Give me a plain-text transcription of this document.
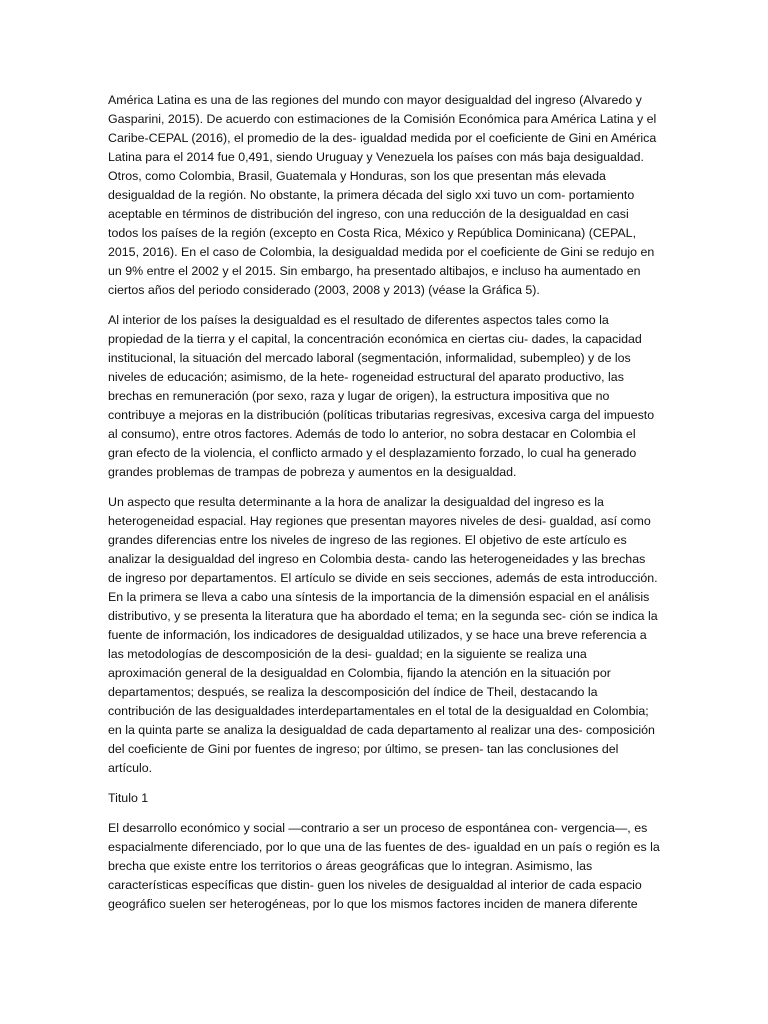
América Latina es una de las regiones del mundo con mayor desigualdad del ingreso (Alvaredo y Gasparini, 2015). De acuerdo con estimaciones de la Comisión Económica para América Latina y el Caribe-CEPAL (2016), el promedio de la des- igualdad medida por el coeficiente de Gini en América Latina para el 2014 fue 0,491, siendo Uruguay y Venezuela los países con más baja desigualdad. Otros, como Colombia, Brasil, Guatemala y Honduras, son los que presentan más elevada desigualdad de la región. No obstante, la primera década del siglo xxi tuvo un com- portamiento aceptable en términos de distribución del ingreso, con una reducción de la desigualdad en casi todos los países de la región (excepto en Costa Rica, México y República Dominicana) (CEPAL, 2015, 2016). En el caso de Colombia, la desigualdad medida por el coeficiente de Gini se redujo en un 9% entre el 2002 y el 2015. Sin embargo, ha presentado altibajos, e incluso ha aumentado en ciertos años del periodo considerado (2003, 2008 y 2013) (véase la Gráfica 5).

Al interior de los países la desigualdad es el resultado de diferentes aspectos tales como la propiedad de la tierra y el capital, la concentración económica en ciertas ciu- dades, la capacidad institucional, la situación del mercado laboral (segmentación, informalidad, subempleo) y de los niveles de educación; asimismo, de la hete- rogeneidad estructural del aparato productivo, las brechas en remuneración (por sexo, raza y lugar de origen), la estructura impositiva que no contribuye a mejoras en la distribución (políticas tributarias regresivas, excesiva carga del impuesto al consumo), entre otros factores. Además de todo lo anterior, no sobra destacar en Colombia el gran efecto de la violencia, el conflicto armado y el desplazamiento forzado, lo cual ha generado grandes problemas de trampas de pobreza y aumentos en la desigualdad.

Un aspecto que resulta determinante a la hora de analizar la desigualdad del ingreso es la heterogeneidad espacial. Hay regiones que presentan mayores niveles de desi- gualdad, así como grandes diferencias entre los niveles de ingreso de las regiones. El objetivo de este artículo es analizar la desigualdad del ingreso en Colombia desta- cando las heterogeneidades y las brechas de ingreso por departamentos. El artículo se divide en seis secciones, además de esta introducción. En la primera se lleva a cabo una síntesis de la importancia de la dimensión espacial en el análisis distributivo, y se presenta la literatura que ha abordado el tema; en la segunda sec- ción se indica la fuente de información, los indicadores de desigualdad utilizados, y se hace una breve referencia a las metodologías de descomposición de la desi- gualdad; en la siguiente se realiza una aproximación general de la desigualdad en Colombia, fijando la atención en la situación por departamentos; después, se realiza la descomposición del índice de Theil, destacando la contribución de las desigualdades interdepartamentales en el total de la desigualdad en Colombia; en la quinta parte se analiza la desigualdad de cada departamento al realizar una des- composición del coeficiente de Gini por fuentes de ingreso; por último, se presen- tan las conclusiones del artículo.

Titulo 1

El desarrollo económico y social —contrario a ser un proceso de espontánea con- vergencia—, es espacialmente diferenciado, por lo que una de las fuentes de des- igualdad en un país o región es la brecha que existe entre los territorios o áreas geográficas que lo integran. Asimismo, las características específicas que distin- guen los niveles de desigualdad al interior de cada espacio geográfico suelen ser heterogéneas, por lo que los mismos factores inciden de manera diferente
